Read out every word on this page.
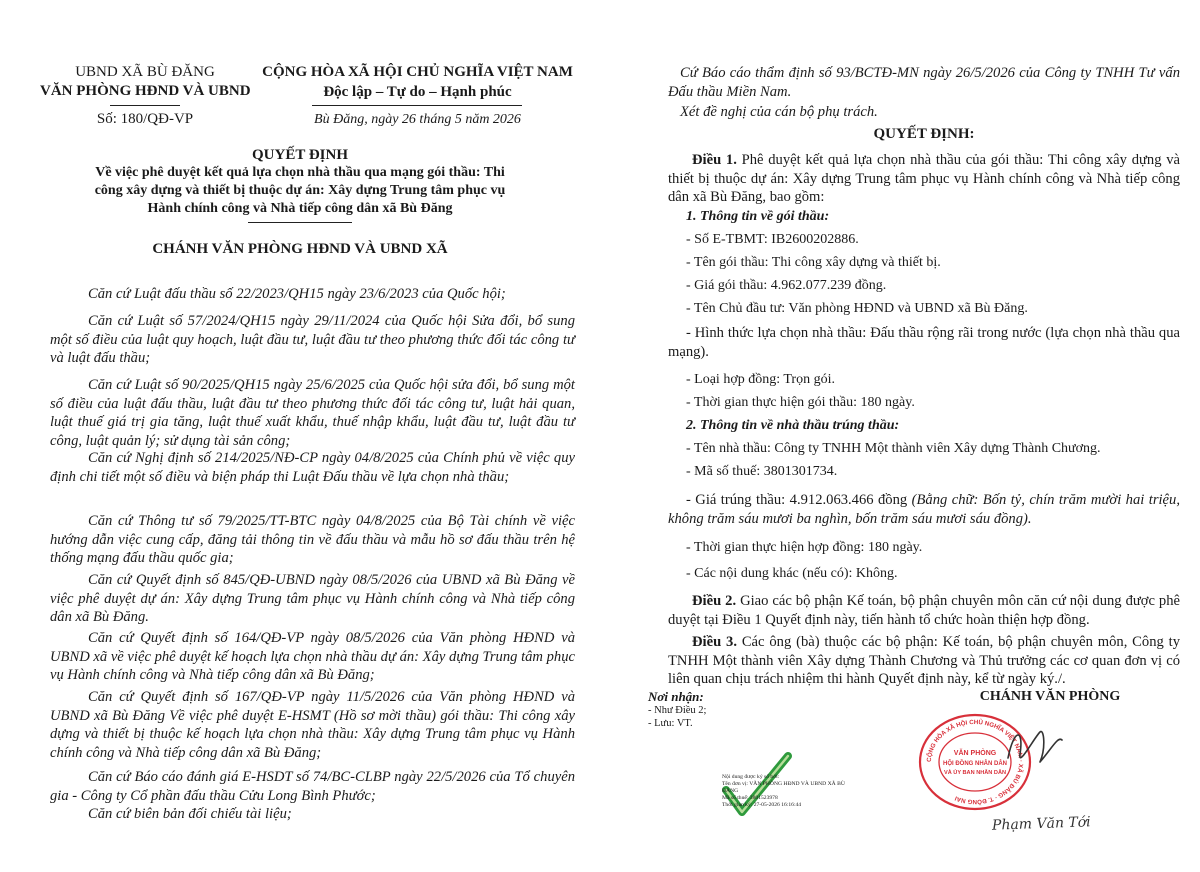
UBND XÃ BÙ ĐĂNG
VĂN PHÒNG HĐND VÀ UBND
Số: 180/QĐ-VP
CỘNG HÒA XÃ HỘI CHỦ NGHĨA VIỆT NAM
Độc lập – Tự do – Hạnh phúc
Bù Đăng, ngày 26 tháng 5 năm 2026
QUYẾT ĐỊNH
Về việc phê duyệt kết quả lựa chọn nhà thầu qua mạng gói thầu: Thi
công xây dựng và thiết bị thuộc dự án: Xây dựng Trung tâm phục vụ
Hành chính công và Nhà tiếp công dân xã Bù Đăng
CHÁNH VĂN PHÒNG HĐND VÀ UBND XÃ
Căn cứ Luật đấu thầu số 22/2023/QH15 ngày 23/6/2023 của Quốc hội;
Căn cứ Luật số 57/2024/QH15 ngày 29/11/2024 của Quốc hội Sửa đổi, bổ sung một số điều của luật quy hoạch, luật đầu tư, luật đầu tư theo phương thức đối tác công tư và luật đấu thầu;
Căn cứ Luật số 90/2025/QH15 ngày 25/6/2025 của Quốc hội sửa đổi, bổ sung một số điều của luật đấu thầu, luật đầu tư theo phương thức đối tác công tư, luật hải quan, luật thuế giá trị gia tăng, luật thuế xuất khẩu, thuế nhập khẩu, luật đầu tư, luật đầu tư công, luật quản lý; sử dụng tài sản công;
Căn cứ Nghị định số 214/2025/NĐ-CP ngày 04/8/2025 của Chính phủ về việc quy định chi tiết một số điều và biện pháp thi Luật Đấu thầu về lựa chọn nhà thầu;
Căn cứ Thông tư số 79/2025/TT-BTC ngày 04/8/2025 của Bộ Tài chính về việc hướng dẫn việc cung cấp, đăng tải thông tin về đấu thầu và mẫu hồ sơ đấu thầu trên hệ thống mạng đấu thầu quốc gia;
Căn cứ Quyết định số 845/QĐ-UBND ngày 08/5/2026 của UBND xã Bù Đăng về việc phê duyệt dự án: Xây dựng Trung tâm phục vụ Hành chính công và Nhà tiếp công dân xã Bù Đăng.
Căn cứ Quyết định số 164/QĐ-VP ngày 08/5/2026 của Văn phòng HĐND và UBND xã về việc phê duyệt kế hoạch lựa chọn nhà thầu dự án: Xây dựng Trung tâm phục vụ Hành chính công và Nhà tiếp công dân xã Bù Đăng;
Căn cứ Quyết định số 167/QĐ-VP ngày 11/5/2026 của Văn phòng HĐND và UBND xã Bù Đăng Về việc phê duyệt E-HSMT (Hồ sơ mời thầu) gói thầu: Thi công xây dựng và thiết bị thuộc kế hoạch lựa chọn nhà thầu: Xây dựng Trung tâm phục vụ Hành chính công và Nhà tiếp công dân xã Bù Đăng;
Căn cứ Báo cáo đánh giá E-HSDT số 74/BC-CLBP ngày 22/5/2026 của Tổ chuyên gia - Công ty Cổ phần đấu thầu Cửu Long Bình Phước;
Căn cứ biên bản đối chiếu tài liệu;
Cứ Báo cáo thẩm định số 93/BCTĐ-MN ngày 26/5/2026 của Công ty TNHH Tư vấn Đấu thầu Miền Nam.
Xét đề nghị của cán bộ phụ trách.
QUYẾT ĐỊNH:
Điều 1. Phê duyệt kết quả lựa chọn nhà thầu của gói thầu: Thi công xây dựng và thiết bị thuộc dự án: Xây dựng Trung tâm phục vụ Hành chính công và Nhà tiếp công dân xã Bù Đăng, bao gồm:
1. Thông tin về gói thầu:
- Số E-TBMT: IB2600202886.
- Tên gói thầu: Thi công xây dựng và thiết bị.
- Giá gói thầu: 4.962.077.239 đồng.
- Tên Chủ đầu tư: Văn phòng HĐND và UBND xã Bù Đăng.
- Hình thức lựa chọn nhà thầu: Đấu thầu rộng rãi trong nước (lựa chọn nhà thầu qua mạng).
- Loại hợp đồng: Trọn gói.
- Thời gian thực hiện gói thầu: 180 ngày.
2. Thông tin về nhà thầu trúng thầu:
- Tên nhà thầu: Công ty TNHH Một thành viên Xây dựng Thành Chương.
- Mã số thuế: 3801301734.
- Giá trúng thầu: 4.912.063.466 đồng (Bằng chữ: Bốn tỷ, chín trăm mười hai triệu, không trăm sáu mươi ba nghìn, bốn trăm sáu mươi sáu đồng).
- Thời gian thực hiện hợp đồng: 180 ngày.
- Các nội dung khác (nếu có): Không.
Điều 2. Giao các bộ phận Kế toán, bộ phận chuyên môn căn cứ nội dung được phê duyệt tại Điều 1 Quyết định này, tiến hành tổ chức hoàn thiện hợp đồng.
Điều 3. Các ông (bà) thuộc các bộ phận: Kế toán, bộ phận chuyên môn, Công ty TNHH Một thành viên Xây dựng Thành Chương và Thủ trưởng các cơ quan đơn vị có liên quan chịu trách nhiệm thi hành Quyết định này, kể từ ngày ký./.
Nơi nhận:
- Như Điều 2;
- Lưu: VT.
CHÁNH VĂN PHÒNG
CỘNG HÒA XÃ HỘI CHỦ NGHĨA VIỆT NAM · XÃ BÙ ĐĂNG · T. ĐỒNG NAI
VĂN PHÒNG
HỘI ĐỒNG NHÂN DÂN
VÀ ỦY BAN NHÂN DÂN
Phạm Văn Tới
Nội dung được ký số bởi:
Tên đơn vị: VĂN PHÒNG HĐND VÀ UBND XÃ BÙ
ĐĂNG
Mã số thuế: 3801523978
Thời gian ký: 27-05-2026 16:16:44
